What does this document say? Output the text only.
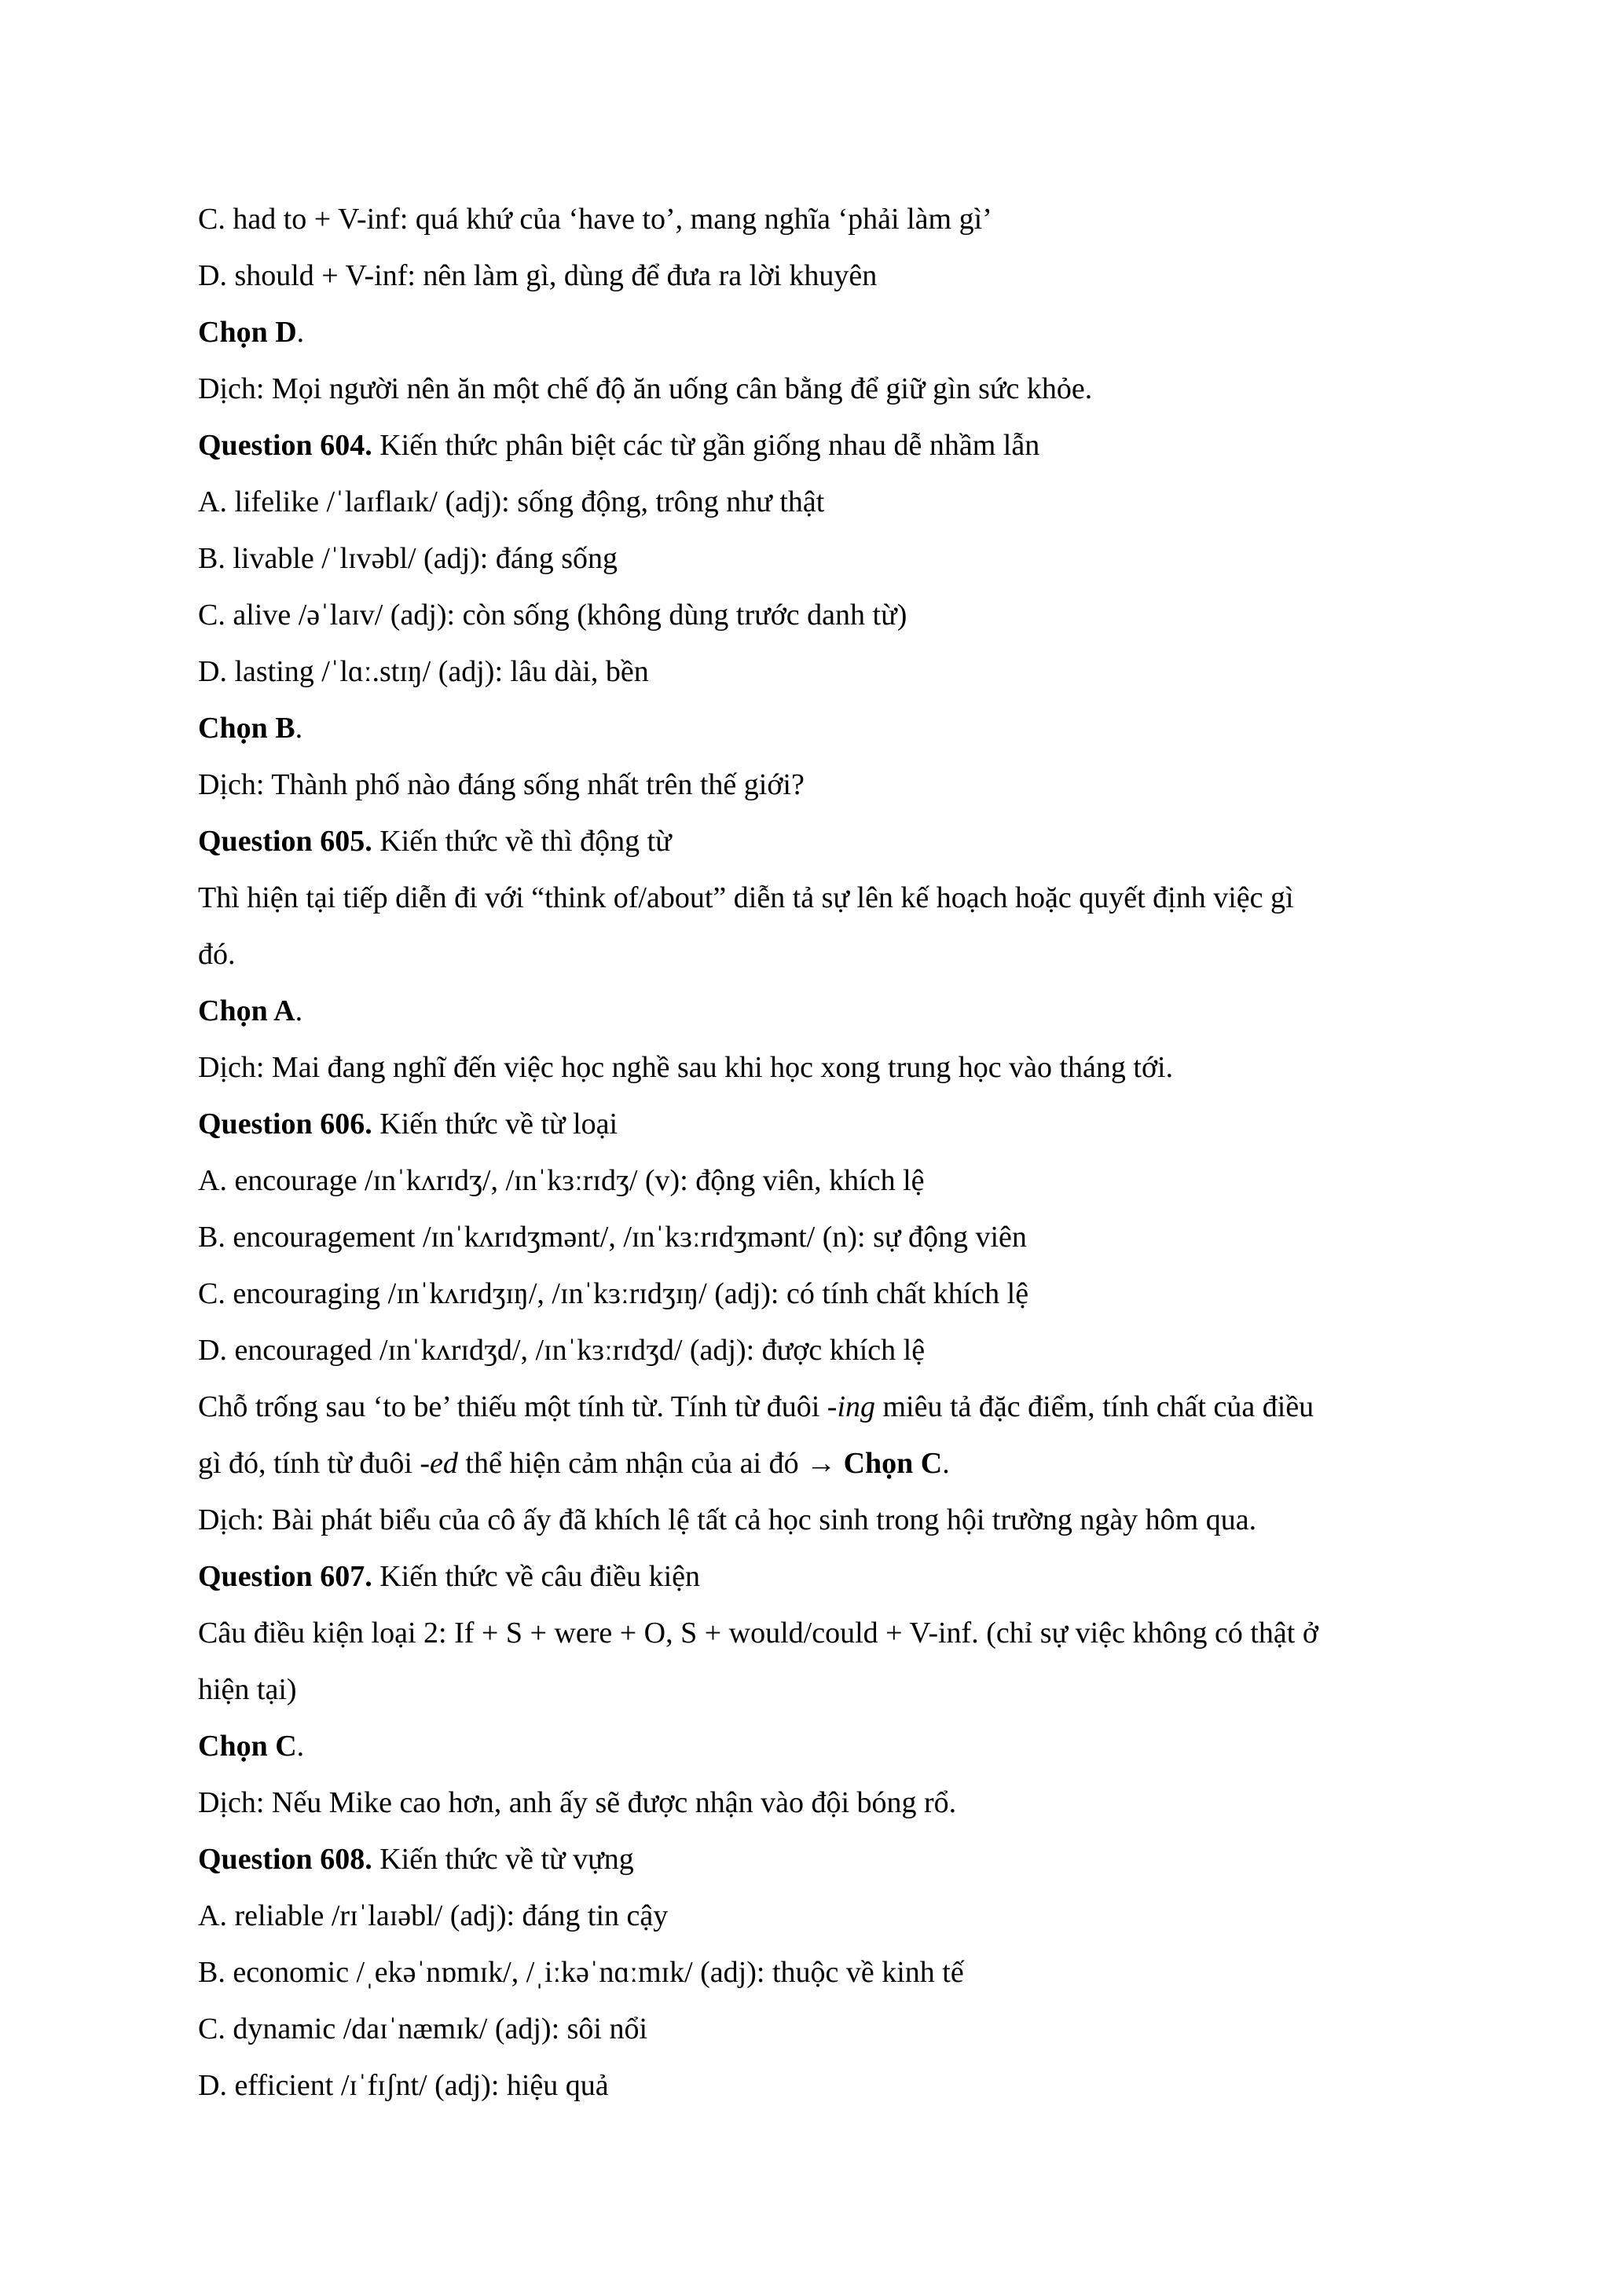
C. had to + V-inf: quá khứ của ‘have to’, mang nghĩa ‘phải làm gì’

D. should + V-inf: nên làm gì, dùng để đưa ra lời khuyên

Chọn D.

Dịch: Mọi người nên ăn một chế độ ăn uống cân bằng để giữ gìn sức khỏe.

Question 604. Kiến thức phân biệt các từ gần giống nhau dễ nhầm lẫn

A. lifelike /ˈlaɪflaɪk/ (adj): sống động, trông như thật

B. livable /ˈlɪvəbl/ (adj): đáng sống

C. alive /əˈlaɪv/ (adj): còn sống (không dùng trước danh từ)

D. lasting /ˈlɑː.stɪŋ/ (adj): lâu dài, bền

Chọn B.

Dịch: Thành phố nào đáng sống nhất trên thế giới?

Question 605. Kiến thức về thì động từ

Thì hiện tại tiếp diễn đi với “think of/about” diễn tả sự lên kế hoạch hoặc quyết định việc gì

đó.

Chọn A.

Dịch: Mai đang nghĩ đến việc học nghề sau khi học xong trung học vào tháng tới.

Question 606. Kiến thức về từ loại

A. encourage /ɪnˈkʌrɪdʒ/, /ɪnˈkɜːrɪdʒ/ (v): động viên, khích lệ

B. encouragement /ɪnˈkʌrɪdʒmənt/, /ɪnˈkɜːrɪdʒmənt/ (n): sự động viên

C. encouraging /ɪnˈkʌrɪdʒɪŋ/, /ɪnˈkɜːrɪdʒɪŋ/ (adj): có tính chất khích lệ

D. encouraged /ɪnˈkʌrɪdʒd/, /ɪnˈkɜːrɪdʒd/ (adj): được khích lệ

Chỗ trống sau ‘to be’ thiếu một tính từ. Tính từ đuôi -ing miêu tả đặc điểm, tính chất của điều

gì đó, tính từ đuôi -ed thể hiện cảm nhận của ai đó → Chọn C.

Dịch: Bài phát biểu của cô ấy đã khích lệ tất cả học sinh trong hội trường ngày hôm qua.

Question 607. Kiến thức về câu điều kiện

Câu điều kiện loại 2: If + S + were + O, S + would/could + V-inf. (chỉ sự việc không có thật ở

hiện tại)

Chọn C.

Dịch: Nếu Mike cao hơn, anh ấy sẽ được nhận vào đội bóng rổ.

Question 608. Kiến thức về từ vựng

A. reliable /rɪˈlaɪəbl/ (adj): đáng tin cậy

B. economic /ˌekəˈnɒmɪk/, /ˌiːkəˈnɑːmɪk/ (adj): thuộc về kinh tế

C. dynamic /daɪˈnæmɪk/ (adj): sôi nổi

D. efficient /ɪˈfɪʃnt/ (adj): hiệu quả
